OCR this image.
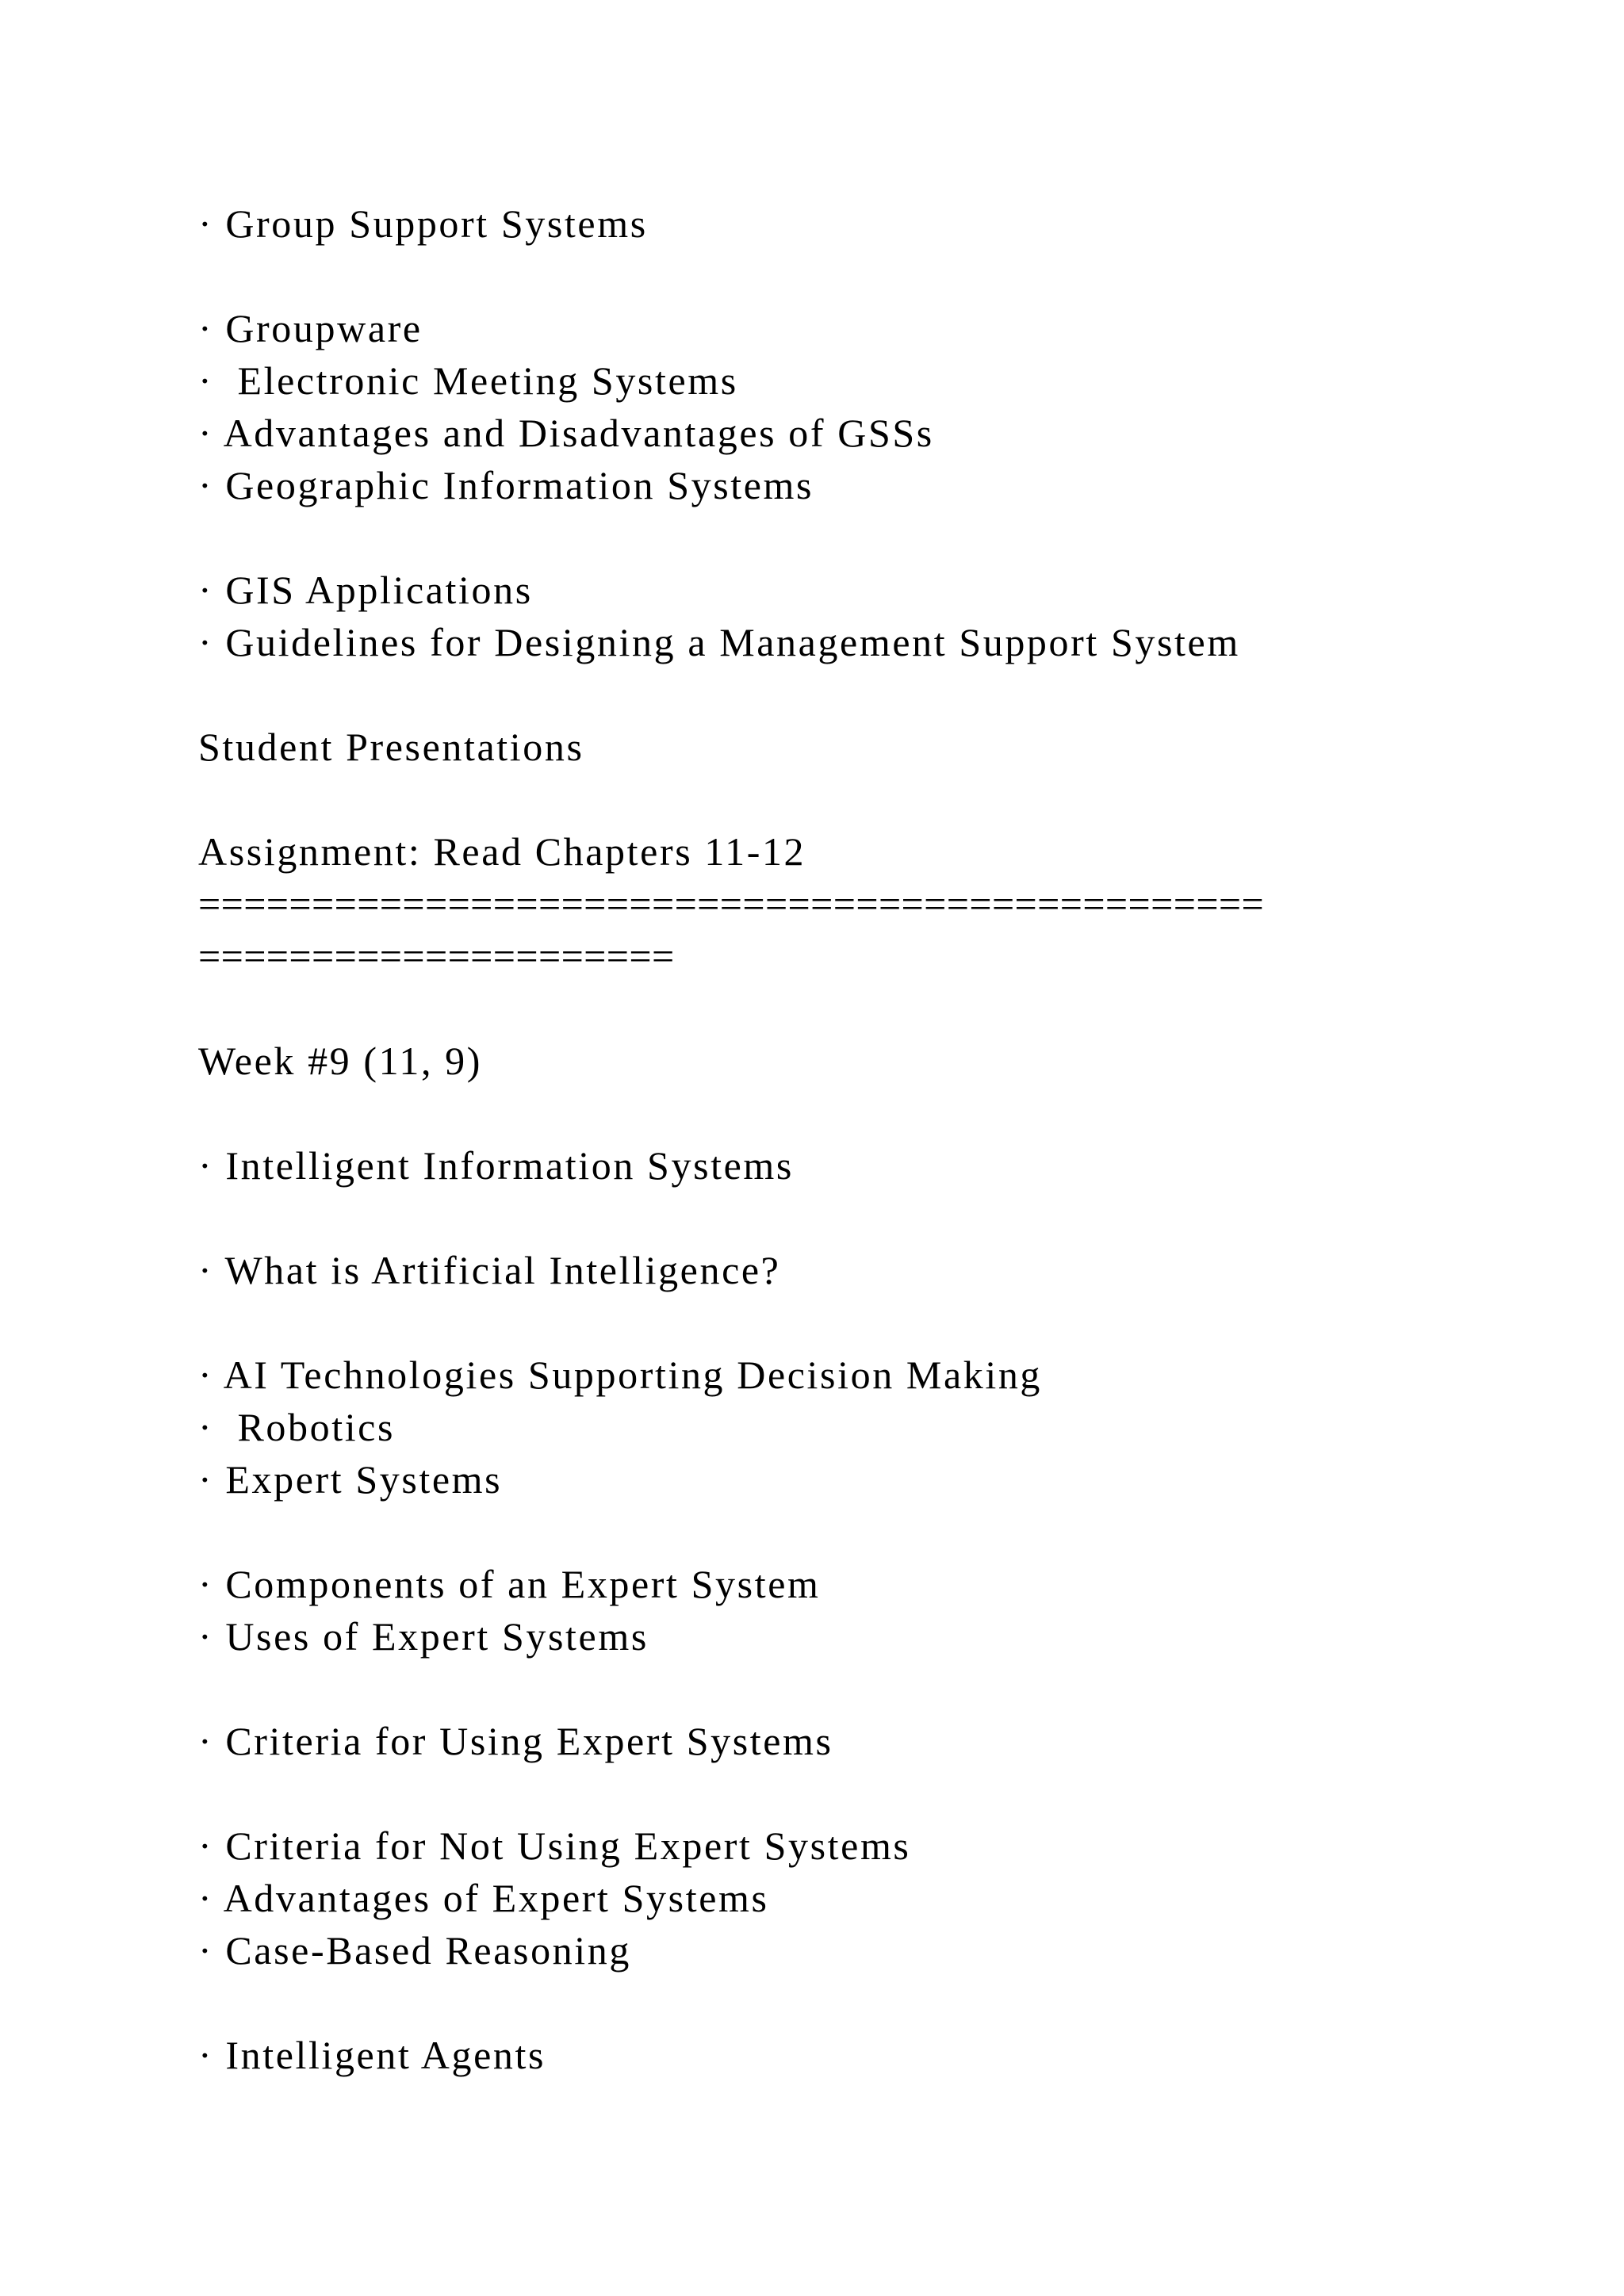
· Group Support Systems

· Groupware

·  Electronic Meeting Systems

· Advantages and Disadvantages of GSSs

· Geographic Information Systems

· GIS Applications

· Guidelines for Designing a Management Support System

Student Presentations

Assignment: Read Chapters 11-12

===============================================

=====================

Week #9 (11, 9)

· Intelligent Information Systems

· What is Artificial Intelligence?

· AI Technologies Supporting Decision Making

·  Robotics

· Expert Systems

· Components of an Expert System

· Uses of Expert Systems

· Criteria for Using Expert Systems

· Criteria for Not Using Expert Systems

· Advantages of Expert Systems

· Case-Based Reasoning

· Intelligent Agents
